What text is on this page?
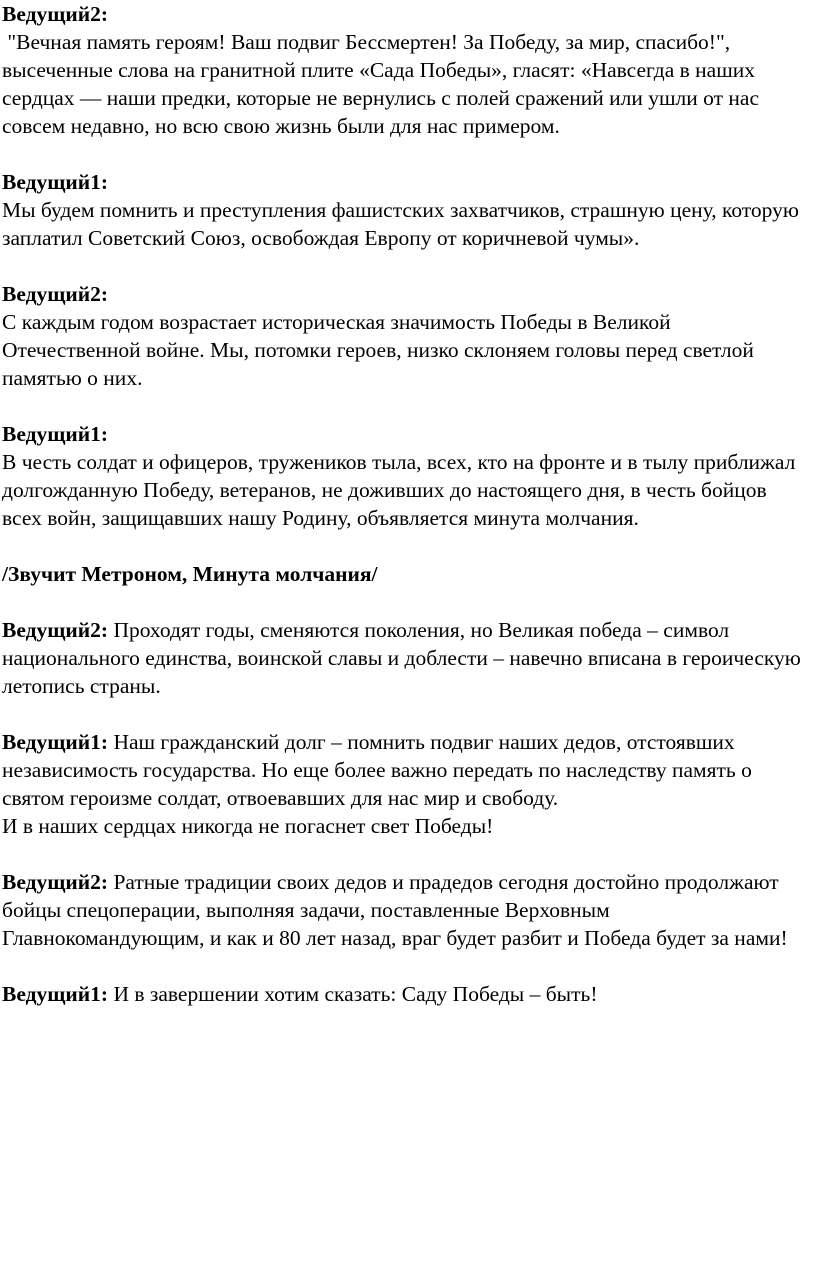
Ведущий2:
"Вечная память героям! Ваш подвиг Бессмертен! За Победу, за мир, спасибо!", высеченные слова на гранитной плите «Сада Победы», гласят: «Навсегда в наших сердцах — наши предки, которые не вернулись с полей сражений или ушли от нас совсем недавно, но всю свою жизнь были для нас примером.
Ведущий1:
Мы будем помнить и преступления фашистских захватчиков, страшную цену, которую заплатил Советский Союз, освобождая Европу от коричневой чумы».
Ведущий2:
С каждым годом возрастает историческая значимость Победы в Великой Отечественной войне. Мы, потомки героев, низко склоняем головы перед светлой памятью о них.
Ведущий1:
В честь солдат и офицеров, тружеников тыла, всех, кто на фронте и в тылу приближал долгожданную Победу, ветеранов, не доживших до настоящего дня, в честь бойцов всех войн, защищавших нашу Родину, объявляется минута молчания.
/Звучит Метроном, Минута молчания/
Ведущий2: Проходят годы, сменяются поколения, но Великая победа – символ национального единства, воинской славы и доблести – навечно вписана в героическую летопись страны.
Ведущий1: Наш гражданский долг – помнить подвиг наших дедов, отстоявших независимость государства. Но еще более важно передать по наследству память о святом героизме солдат, отвоевавших для нас мир и свободу.
И в наших сердцах никогда не погаснет свет Победы!
Ведущий2: Ратные традиции своих дедов и прадедов сегодня достойно продолжают бойцы спецоперации, выполняя задачи, поставленные Верховным Главнокомандующим, и как и 80 лет назад, враг будет разбит и Победа будет за нами!
Ведущий1: И в завершении хотим сказать: Саду Победы – быть!
